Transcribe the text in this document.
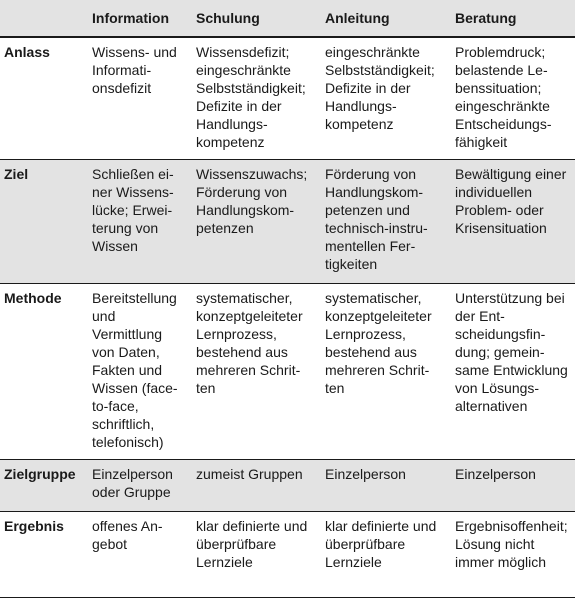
	Information	Schulung	Anleitung	Beratung
Anlass	Wissens- und Informationsdefizit	Wissensdefizit; eingeschränkte Selbstständigkeit; Defizite in der Handlungskompetenz	eingeschränkte Selbstständigkeit; Defizite in der Handlungskompetenz	Problemdruck; belastende Lebenssituation; eingeschränkte Entscheidungsfähigkeit
Ziel	Schließen einer Wissenslücke; Erweiterung von Wissen	Wissenszuwachs; Förderung von Handlungskompetenzen	Förderung von Handlungskompetenzen und technisch-instrumentellen Fertigkeiten	Bewältigung einer individuellen Problem- oder Krisensituation
Methode	Bereitstellung und Vermittlung von Daten, Fakten und Wissen (face-to-face, schriftlich, telefonisch)	systematischer, konzeptgeleiteter Lernprozess, bestehend aus mehreren Schritten	systematischer, konzeptgeleiteter Lernprozess, bestehend aus mehreren Schritten	Unterstützung bei der Entscheidungsfindung; gemeinsame Entwicklung von Lösungs-alternativen
Zielgruppe	Einzelperson oder Gruppe	zumeist Gruppen	Einzelperson	Einzelperson
Ergebnis	offenes Angebot	klar definierte und überprüfbare Lernziele	klar definierte und überprüfbare Lernziele	Ergebnisoffenheit; Lösung nicht immer möglich
